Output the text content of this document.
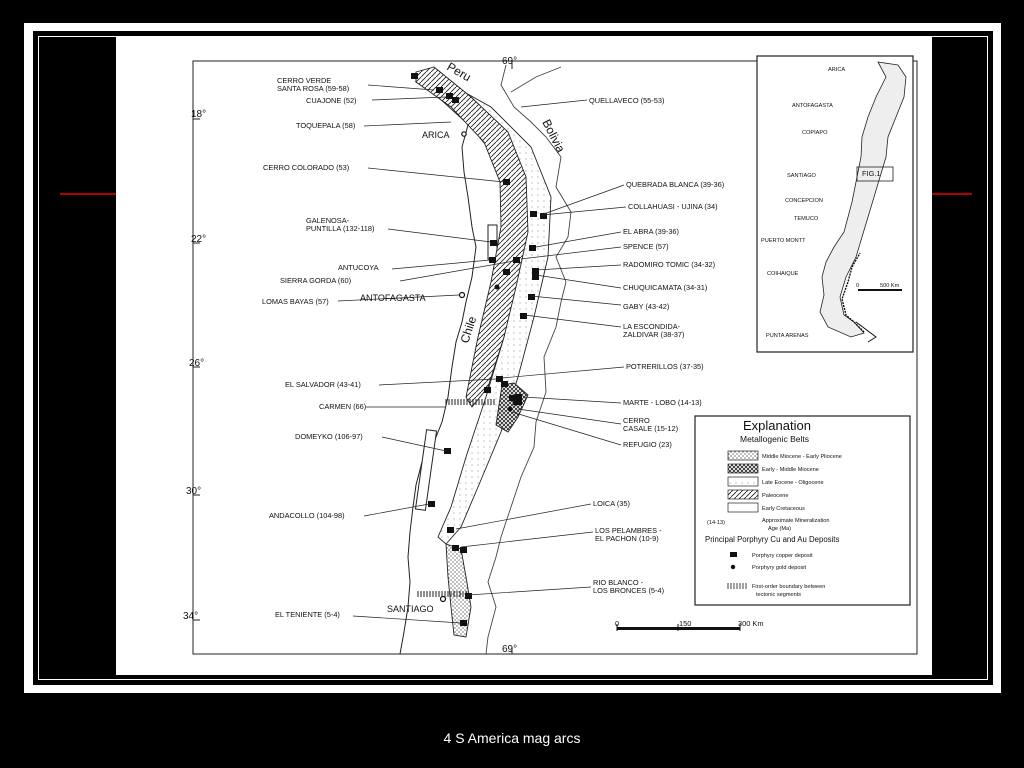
18°
22°
26°
30°
34°
69°
69°
Peru
Bolivia
Chile
ARICA
ANTOFAGASTA
SANTIAGO
CERRO VERDE
SANTA ROSA (59-58)
CUAJONE (52)
TOQUEPALA (58)
CERRO COLORADO (53)
GALENOSA-
PUNTILLA (132-118)
ANTUCOYA
SIERRA GORDA (60)
LOMAS BAYAS (57)
EL SALVADOR (43-41)
CARMEN (66)
DOMEYKO (106-97)
ANDACOLLO (104-98)
EL TENIENTE (5-4)
QUELLAVECO (55-53)
QUEBRADA BLANCA (39-36)
COLLAHUASI - UJINA (34)
EL ABRA (39-36)
SPENCE (57)
RADOMIRO TOMIC (34-32)
CHUQUICAMATA (34-31)
GABY (43-42)
LA ESCONDIDA-
ZALDIVAR (38-37)
POTRERILLOS (37-35)
MARTE - LOBO (14-13)
CERRO
CASALE (15-12)
REFUGIO (23)
LOICA (35)
LOS PELAMBRES -
EL PACHON (10-9)
RIO BLANCO -
LOS BRONCES (5-4)
0	150	300 Km
ARICA
ANTOFAGASTA
COPIAPO
SANTIAGO
CONCEPCION
TEMUCO
PUERTO MONTT
COIHAIQUE
PUNTA ARENAS
FIG.1
0	500 Km
Explanation
Metallogenic Belts
Middle Miocene - Early Pliocene
Early - Middle Miocene
Late Eocene - Oligocene
Paleocene
Early Cretaceous
(14-13)	Approximate Mineralization
Age (Ma)
Principal Porphyry Cu and Au Deposits
Porphyry copper deposit
Porphyry gold deposit
First-order boundary between
tectonic segments
4 S America mag arcs
